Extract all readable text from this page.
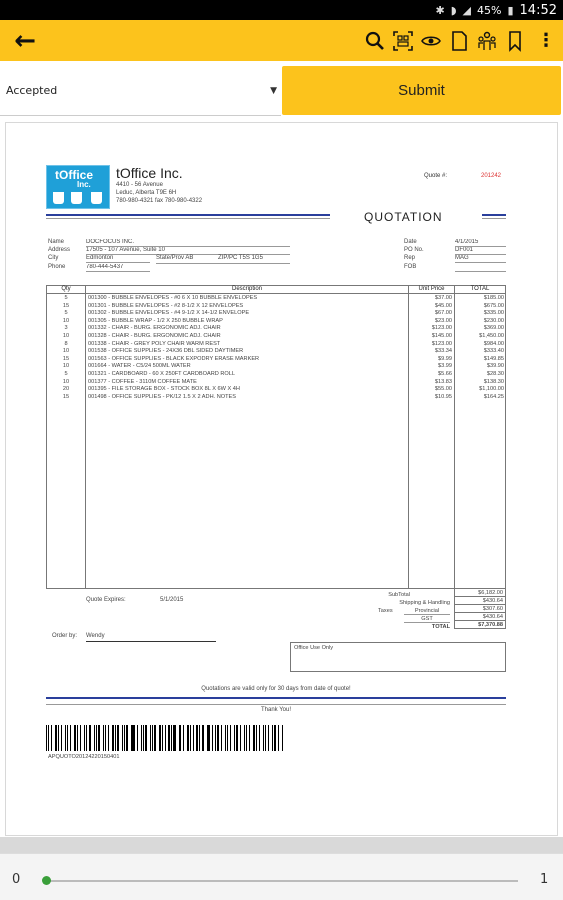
✱ ◗ ◢ 45% ▮ 14:52
←	⋮
Accepted	▼	Submit
tOffice
Inc.
tOffice Inc.
4410 - 56 Avenue
Leduc, Alberta T9E 6H
780-980-4321 fax 780-980-4322
Quote #:	201242
QUOTATION
Name	DOCFOCUS INC.
Address	17505 - 107 Avenue, Suite 10
City	Edmonton	State/Prov AB	ZIP/PC T5S 1G5
Phone	780-444-5437
Date	4/1/2015
PO No.	DF001
Rep	MAG
FOB
Qty	Description	Unit Price	TOTAL
5	001300 - BUBBLE ENVELOPES - #0 6 X 10 BUBBLE ENVELOPES	$37.00	$185.00
15	001301 - BUBBLE ENVELOPES - #2 8-1/2 X 12 ENVELOPES	$45.00	$675.00
5	001302 - BUBBLE ENVELOPES - #4 9-1/2 X 14-1/2 ENVELOPE	$67.00	$335.00
10	001305 - BUBBLE WRAP - 1/2 X 250 BUBBLE WRAP	$23.00	$230.00
3	001332 - CHAIR - BURG. ERGONOMIC ADJ. CHAIR	$123.00	$369.00
10	001328 - CHAIR - BURG. ERGONOMIC ADJ. CHAIR	$145.00	$1,450.00
8	001338 - CHAIR - GREY POLY CHAIR WARM REST	$123.00	$984.00
10	001538 - OFFICE SUPPLIES - 24X36 DBL SIDED DAYTIMER	$33.34	$333.40
15	001563 - OFFICE SUPPLIES - BLACK EXPODRY ERASE MARKER	$9.99	$149.85
10	001664 - WATER - C5/24 500ML WATER	$3.99	$39.90
5	001321 - CARDBOARD - 60 X 250FT CARDBOARD ROLL	$5.66	$28.30
10	001377 - COFFEE - 3110M COFFEE MATE	$13.83	$138.30
20	001395 - FILE STORAGE BOX - STOCK BOX 8L X 6W X 4H	$55.00	$1,100.00
15	001498 - OFFICE SUPPLIES - PK/12 1.5 X 2 ADH. NOTES	$10.95	$164.25
SubTotal	$6,182.00
Shipping & Handling	$430.64
Taxes	Provincial	$307.60
GST	$430.64
TOTAL	$7,370.88
Quote Expires:	5/1/2015
Order by: Wendy
Office Use Only
Quotations are valid only for 30 days from date of quote!
Thank You!
APQUOTO20124220150401
0	1
